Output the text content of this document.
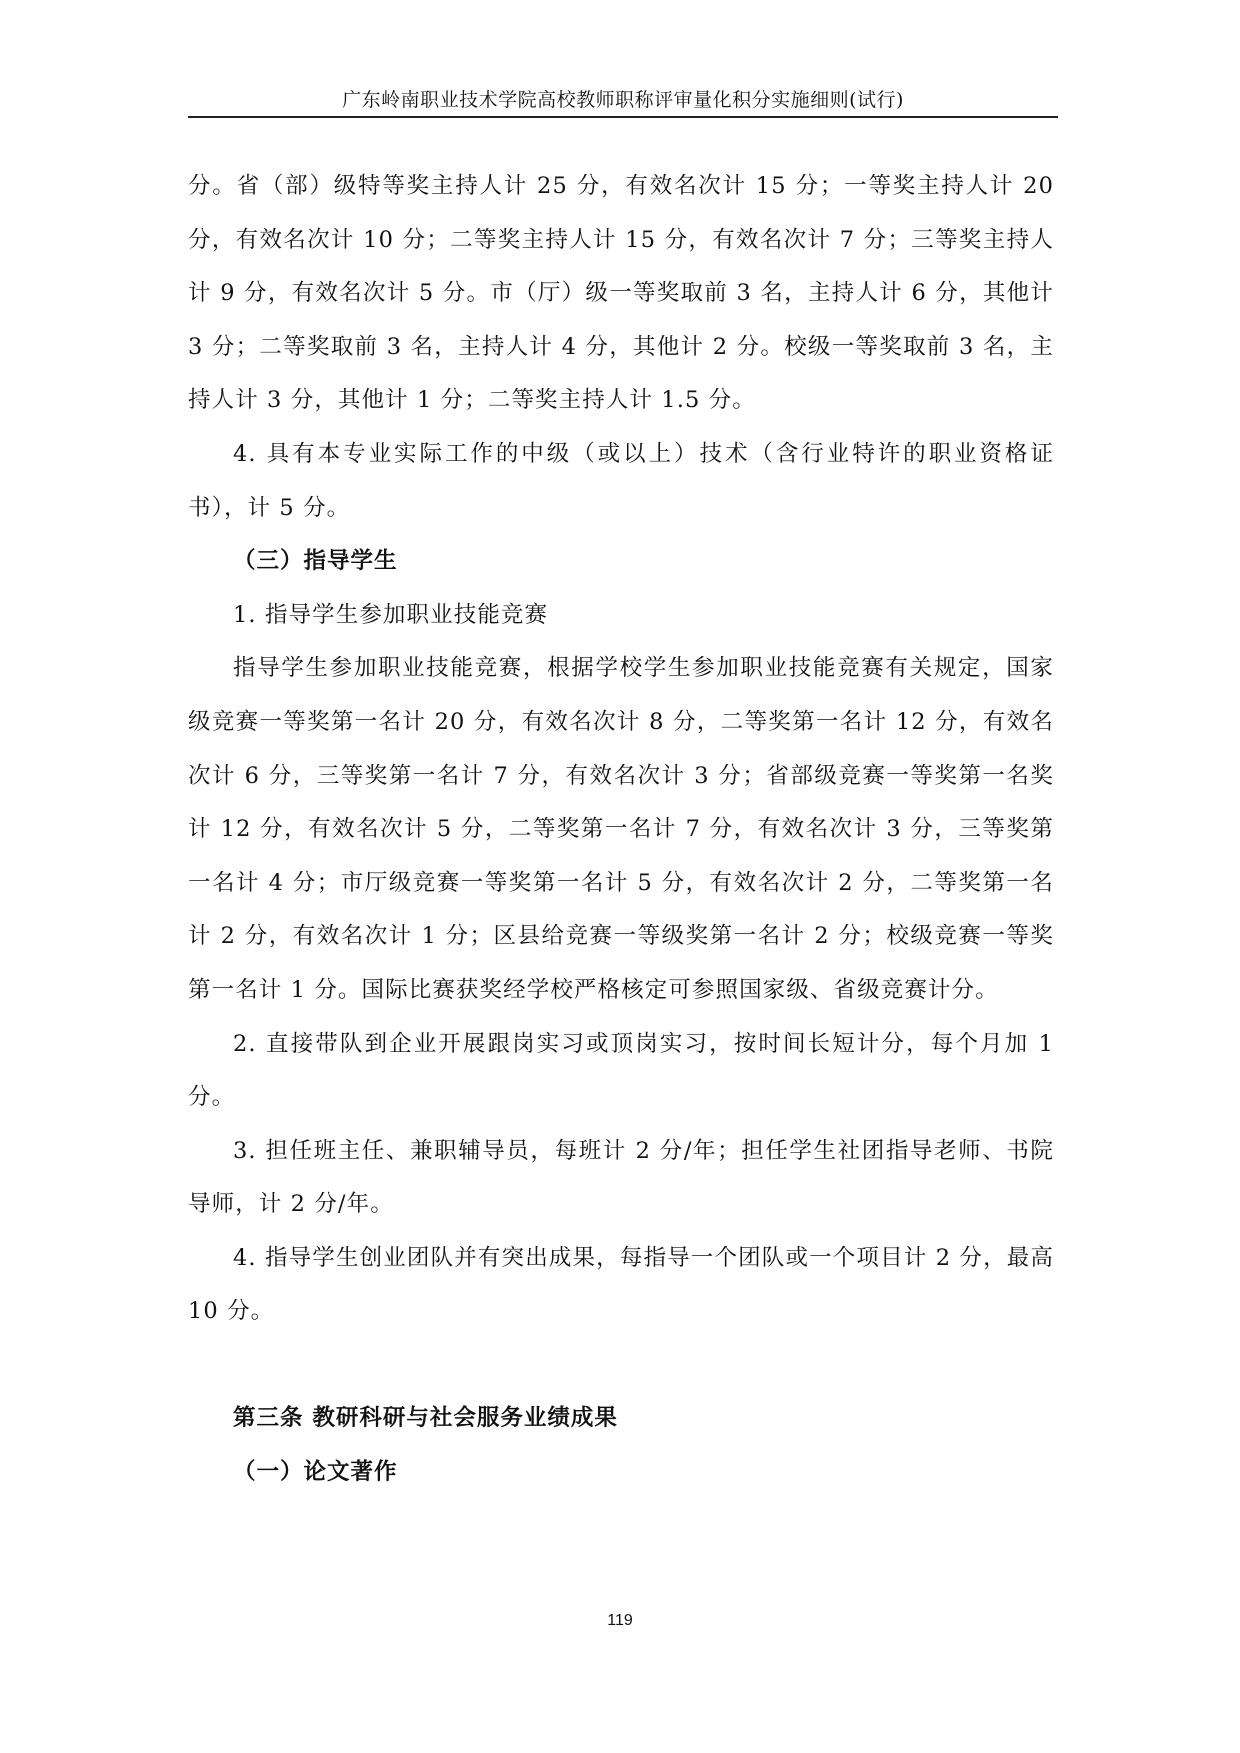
广东岭南职业技术学院高校教师职称评审量化积分实施细则(试行)

分。省（部）级特等奖主持人计 25 分，有效名次计 15 分；一等奖主持人计 20 分，有效名次计 10 分；二等奖主持人计 15 分，有效名次计 7 分；三等奖主持人计 9 分，有效名次计 5 分。市（厅）级一等奖取前 3 名，主持人计 6 分，其他计 3 分；二等奖取前 3 名，主持人计 4 分，其他计 2 分。校级一等奖取前 3 名，主持人计 3 分，其他计 1 分；二等奖主持人计 1.5 分。

4. 具有本专业实际工作的中级（或以上）技术（含行业特许的职业资格证书），计 5 分。

（三）指导学生

1. 指导学生参加职业技能竞赛

指导学生参加职业技能竞赛，根据学校学生参加职业技能竞赛有关规定，国家级竞赛一等奖第一名计 20 分，有效名次计 8 分，二等奖第一名计 12 分，有效名次计 6 分，三等奖第一名计 7 分，有效名次计 3 分；省部级竞赛一等奖第一名奖计 12 分，有效名次计 5 分，二等奖第一名计 7 分，有效名次计 3 分，三等奖第一名计 4 分；市厅级竞赛一等奖第一名计 5 分，有效名次计 2 分，二等奖第一名计 2 分，有效名次计 1 分；区县给竞赛一等级奖第一名计 2 分；校级竞赛一等奖第一名计 1 分。国际比赛获奖经学校严格核定可参照国家级、省级竞赛计分。

2. 直接带队到企业开展跟岗实习或顶岗实习，按时间长短计分，每个月加 1 分。

3. 担任班主任、兼职辅导员，每班计 2 分/年；担任学生社团指导老师、书院导师，计 2 分/年。

4. 指导学生创业团队并有突出成果，每指导一个团队或一个项目计 2 分，最高 10 分。

第三条 教研科研与社会服务业绩成果

（一）论文著作

119
